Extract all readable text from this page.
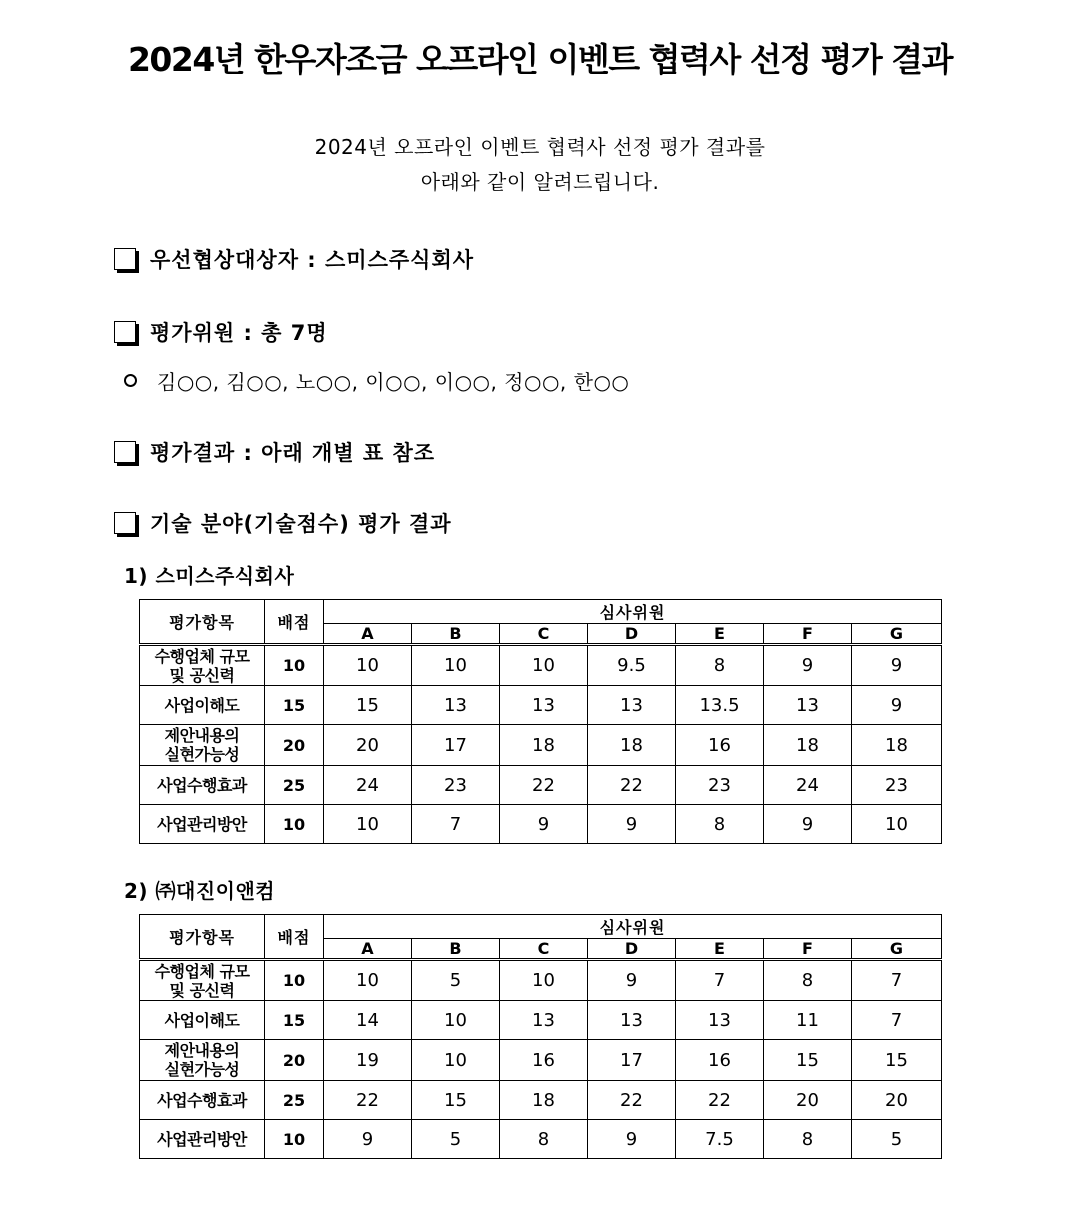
2024년 한우자조금 오프라인 이벤트 협력사 선정 평가 결과
2024년 오프라인 이벤트 협력사 선정 평가 결과를
아래와 같이 알려드립니다.
우선협상대상자 : 스미스주식회사
평가위원 : 총 7명
김○○, 김○○, 노○○, 이○○, 이○○, 정○○, 한○○
평가결과 : 아래 개별 표 참조
기술 분야(기술점수) 평가 결과
1) 스미스주식회사
평가항목	배점	심사위원						
		A	B	C	D	E	F	G

수행업체 규모
및 공신력	10	10	10	10	9.5	8	9	9

사업이해도	15	15	13	13	13	13.5	13	9

제안내용의
실현가능성	20	20	17	18	18	16	18	18

사업수행효과	25	24	23	22	22	23	24	23

사업관리방안	10	10	7	9	9	8	9	10
2) ㈜대진이앤컴
평가항목	배점	심사위원						
		A	B	C	D	E	F	G

수행업체 규모
및 공신력	10	10	5	10	9	7	8	7

사업이해도	15	14	10	13	13	13	11	7

제안내용의
실현가능성	20	19	10	16	17	16	15	15

사업수행효과	25	22	15	18	22	22	20	20

사업관리방안	10	9	5	8	9	7.5	8	5
